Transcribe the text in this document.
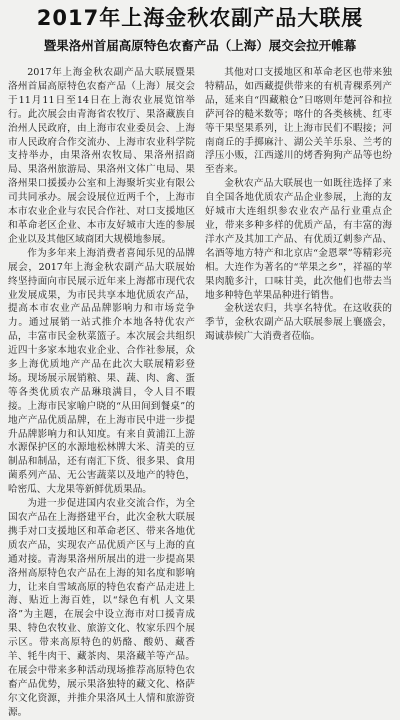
2017年上海金秋农副产品大联展
暨果洛州首届高原特色农畜产品（上海）展交会拉开帷幕

2017年上海金秋农副产品大联展暨果洛州首届高原特色农畜产品（上海）展交会于11月11日至14日在上海农业展览馆举行。此次展会由青海省农牧厅、果洛藏族自治州人民政府，由上海市农业委员会、上海市人民政府合作交流办、上海市农业科学院支持举办，由果洛州农牧局、果洛州招商局、果洛州旅游局、果洛州文体广电局、果洛州果口援援办公室和上海聚圻实业有限公司共同承办。展会设展位近两千个，上海市本市农业企业与农民合作社、对口支援地区和革命老区企业、本市友好城市大连的参展企业以及其他区域商团大规模地参展。

作为多年来上海消费者喜闻乐见的品牌展会，2017年上海金秋农副产品大联展始终坚持面向市民展示近年来上海都市现代农业发展成果，为市民共享本地优质农产品，提高本市农业产品品牌影响力和市场竞争力。通过展销一站式推介本地各特优农产品，丰富市民金秋菜篮子。本次展会共组织近四十多家本地农业企业、合作社参展，众多上海优质地产产品在此次大联展精彩登场。现场展示展销粮、果、蔬、肉、禽、蛋等各类优质农产品琳琅满目，令人目不暇接。上海市民家喻户晓的“从田间到餐桌”的地产产品优质品牌，在上海市民中进一步提升品牌影响力和认知度。有来自黄浦江上游水源保护区的水源地松林牌大米、清美的豆制品和制品，还有南汇下货、很多果、食用菌系列产品、无公害蔬菜以及地产的特色，哈密瓜、大龙果等新鲜优质果品。

为进一步促进国内农业交流合作，为全国农产品在上海搭建平台，此次金秋大联展携手对口支援地区和革命老区、带来各地优质农产品，实现农产品优质产区与上海的直通对接。青海果洛州所展出的进一步提高果洛州高原特色农产品在上海的知名度和影响力，让来自雪域高原的特色农畜产品走进上海、贴近上海百姓，以“绿色有机 人文果洛”为主题，在展会中设立海市对口援青成果、特色农牧业、旅游文化、牧家乐四个展示区。带来高原特色的奶酪、酸奶、藏香羊、牦牛肉干、藏茶肉、果洛藏羊等产品。在展会中带来多种活动现场推荐高原特色农畜产品优势，展示果洛独特的藏文化、格萨尔文化资源，并推介果洛风土人情和旅游资源。

其他对口支援地区和革命老区也带来独特精品，如西藏提供带来的有机青稞系列产品，延来自“四藏粮仓”日喀则年楚河谷和拉萨河谷的糙米数等；喀什的各类核桃、红枣等干果坚果系列，让上海市民们不暇接；河南商丘的手掷麻汁、湖公关羊乐泉、兰考的浮压小贩，江西遂川的烤香狗狗产品等也纷至沓来。

金秋农产品大联展也一如既往选择了来自全国各地优质农产品企业参展，上海的友好城市大连组织参农业农产品行业重点企业，带来多种多样的优质产品，有丰富的海洋水产及其加工产品、有优质辽刺参产品、名酒等地方特产和北京店“金恩翠”等精彩亮相。大连作为著名的“苹果之乡”，祥福的苹果肉脆多汁，口味甘美，此次他们也带去当地多种特色苹果品种进行销售。

金秋送农归，共享名特优。在这收获的季节，金秋农副产品大联展参展上襄盛会，竭诚恭候广大消费者莅临。
